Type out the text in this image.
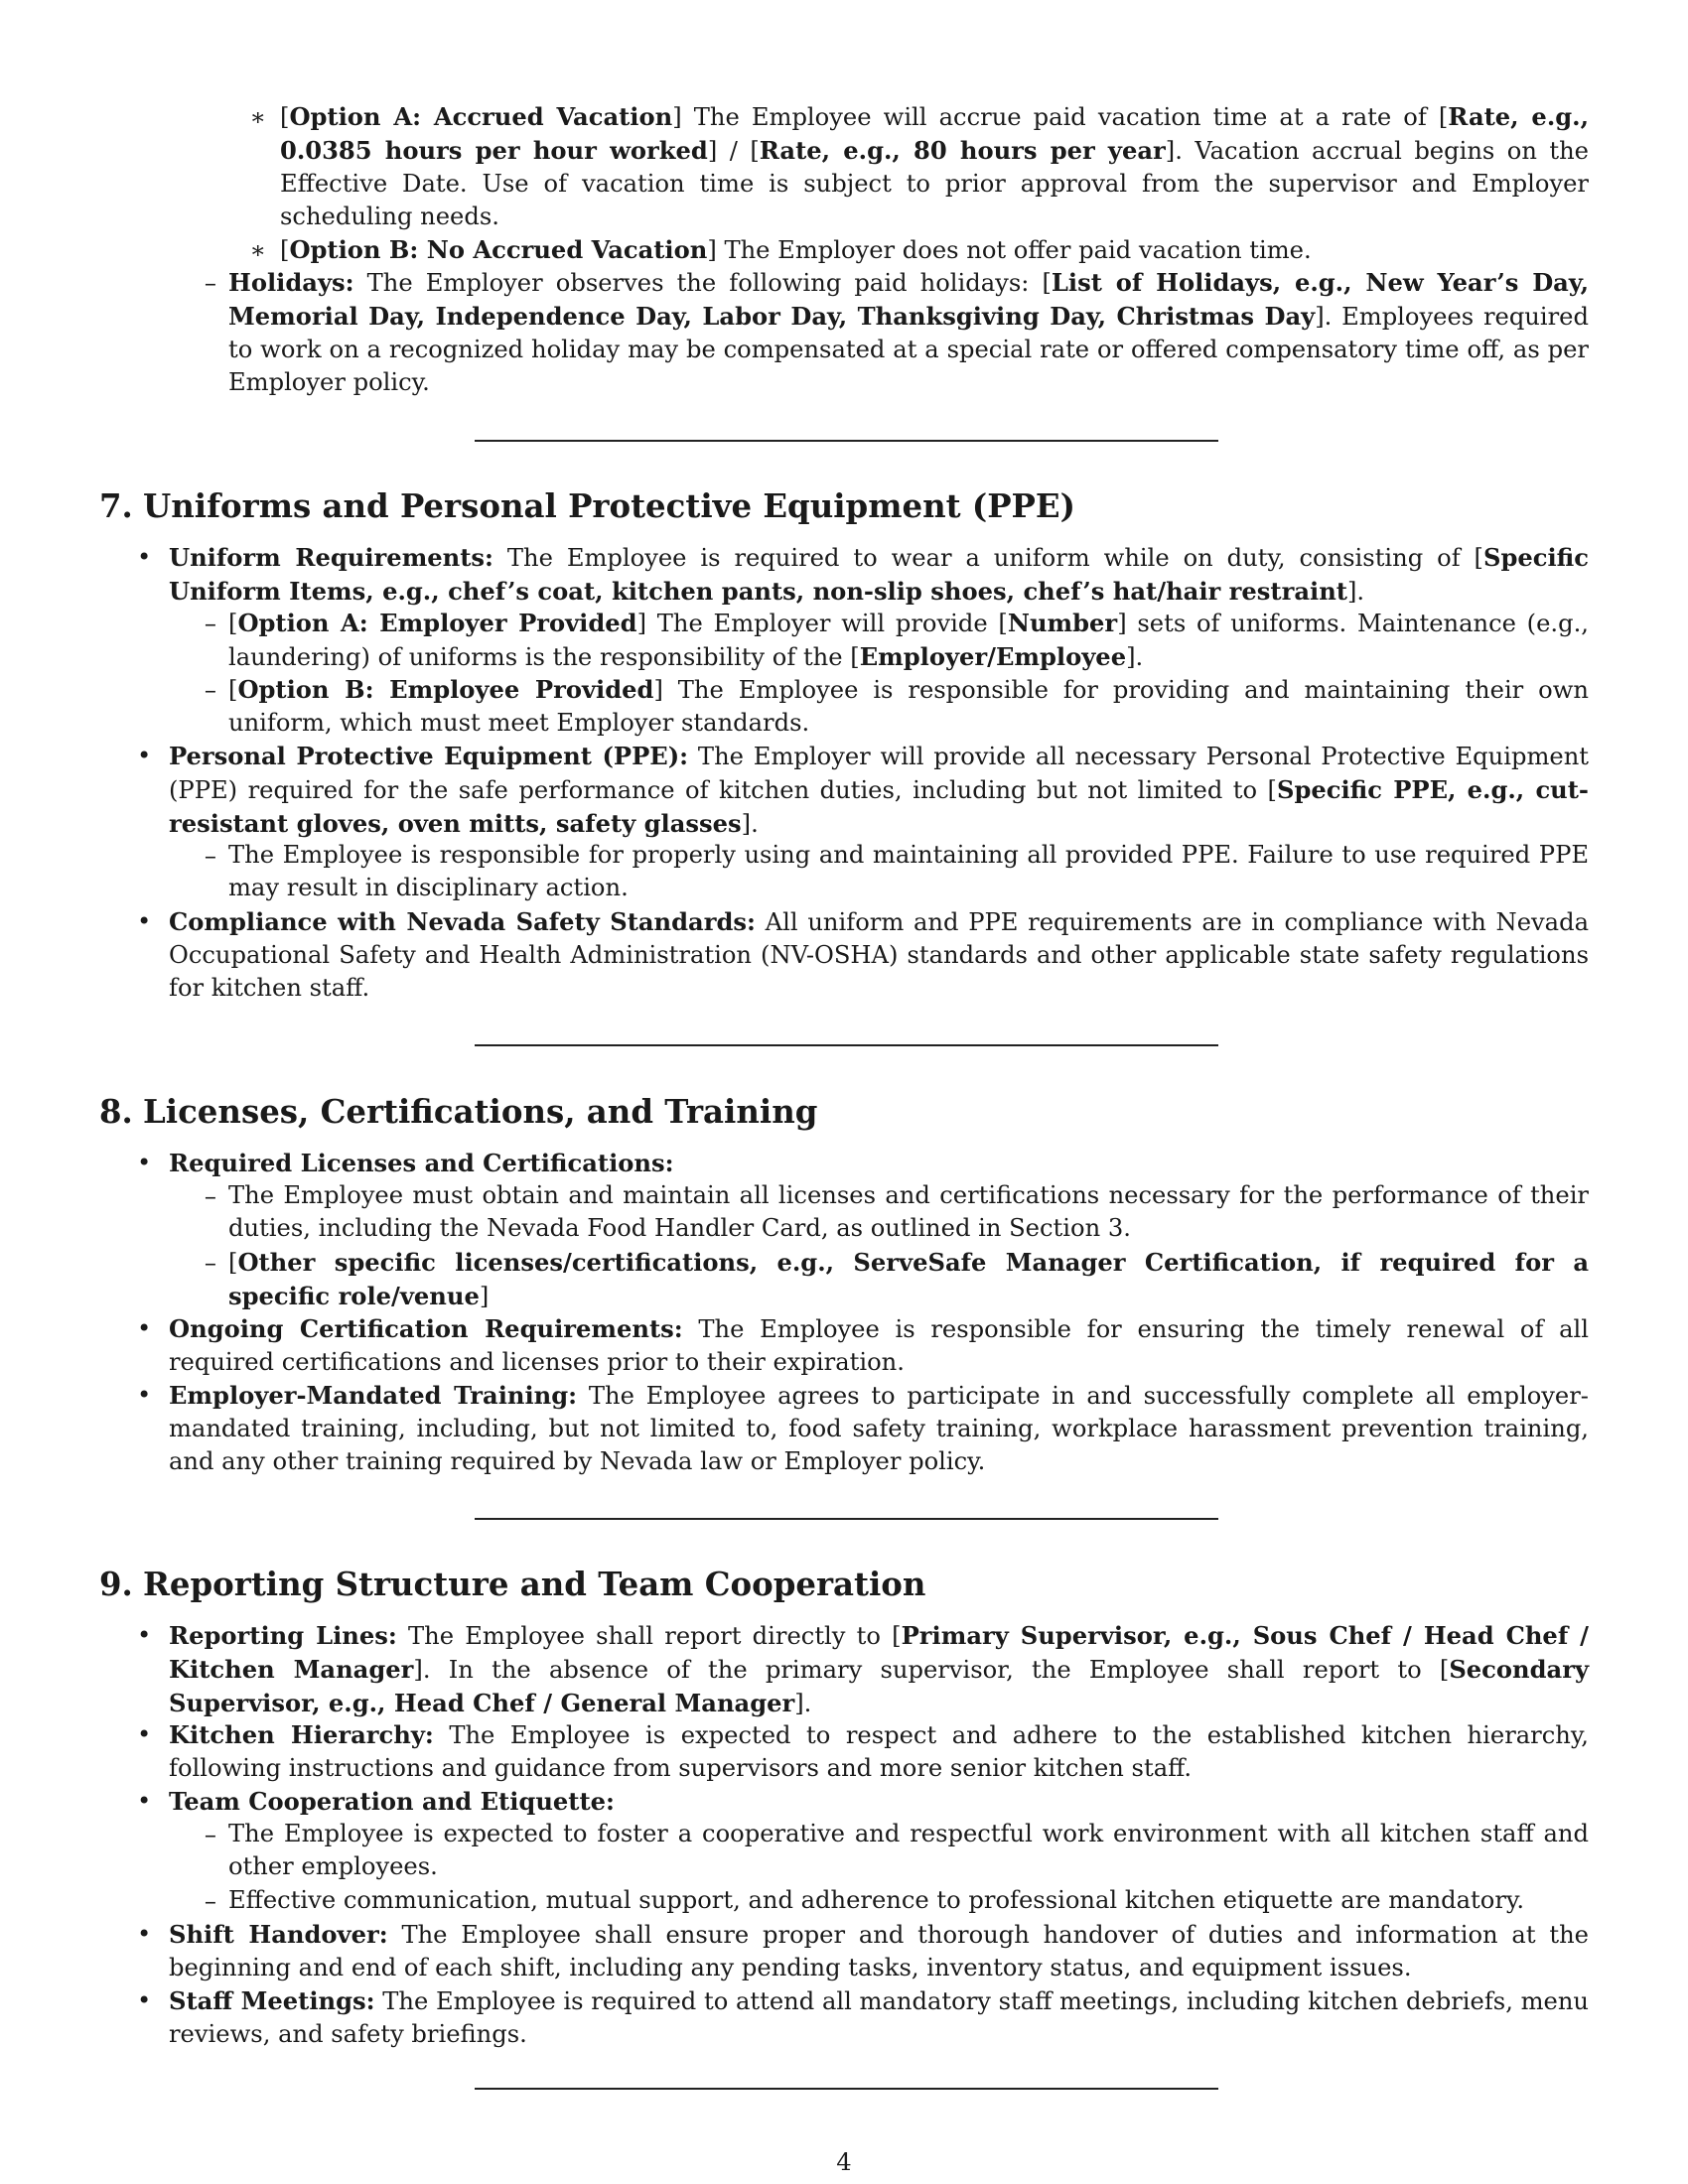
∗ [Option A: Accrued Vacation] The Employee will accrue paid vacation time at a rate of [Rate, e.g., 0.0385 hours per hour worked] / [Rate, e.g., 80 hours per year]. Vacation accrual begins on the Effective Date. Use of vacation time is subject to prior approval from the supervisor and Employer scheduling needs.
∗ [Option B: No Accrued Vacation] The Employer does not offer paid vacation time.
– Holidays: The Employer observes the following paid holidays: [List of Holidays, e.g., New Year’s Day, Memorial Day, Independence Day, Labor Day, Thanksgiving Day, Christmas Day]. Employees required to work on a recognized holiday may be compensated at a special rate or offered compensatory time off, as per Employer policy.
7. Uniforms and Personal Protective Equipment (PPE)
• Uniform Requirements: The Employee is required to wear a uniform while on duty, consisting of [Specific Uniform Items, e.g., chef’s coat, kitchen pants, non-slip shoes, chef’s hat/hair restraint].
– [Option A: Employer Provided] The Employer will provide [Number] sets of uniforms. Maintenance (e.g., laundering) of uniforms is the responsibility of the [Employer/Employee].
– [Option B: Employee Provided] The Employee is responsible for providing and maintaining their own uniform, which must meet Employer standards.
• Personal Protective Equipment (PPE): The Employer will provide all necessary Personal Protective Equipment (PPE) required for the safe performance of kitchen duties, including but not limited to [Specific PPE, e.g., cut-resistant gloves, oven mitts, safety glasses].
– The Employee is responsible for properly using and maintaining all provided PPE. Failure to use required PPE may result in disciplinary action.
• Compliance with Nevada Safety Standards: All uniform and PPE requirements are in compliance with Nevada Occupational Safety and Health Administration (NV-OSHA) standards and other applicable state safety regulations for kitchen staff.
8. Licenses, Certifications, and Training
• Required Licenses and Certifications:
– The Employee must obtain and maintain all licenses and certifications necessary for the performance of their duties, including the Nevada Food Handler Card, as outlined in Section 3.
– [Other specific licenses/certifications, e.g., ServeSafe Manager Certification, if required for a specific role/venue]
• Ongoing Certification Requirements: The Employee is responsible for ensuring the timely renewal of all required certifications and licenses prior to their expiration.
• Employer-Mandated Training: The Employee agrees to participate in and successfully complete all employer-mandated training, including, but not limited to, food safety training, workplace harassment prevention training, and any other training required by Nevada law or Employer policy.
9. Reporting Structure and Team Cooperation
• Reporting Lines: The Employee shall report directly to [Primary Supervisor, e.g., Sous Chef / Head Chef / Kitchen Manager]. In the absence of the primary supervisor, the Employee shall report to [Secondary Supervisor, e.g., Head Chef / General Manager].
• Kitchen Hierarchy: The Employee is expected to respect and adhere to the established kitchen hierarchy, following instructions and guidance from supervisors and more senior kitchen staff.
• Team Cooperation and Etiquette:
– The Employee is expected to foster a cooperative and respectful work environment with all kitchen staff and other employees.
– Effective communication, mutual support, and adherence to professional kitchen etiquette are mandatory.
• Shift Handover: The Employee shall ensure proper and thorough handover of duties and information at the beginning and end of each shift, including any pending tasks, inventory status, and equipment issues.
• Staff Meetings: The Employee is required to attend all mandatory staff meetings, including kitchen debriefs, menu reviews, and safety briefings.
4
